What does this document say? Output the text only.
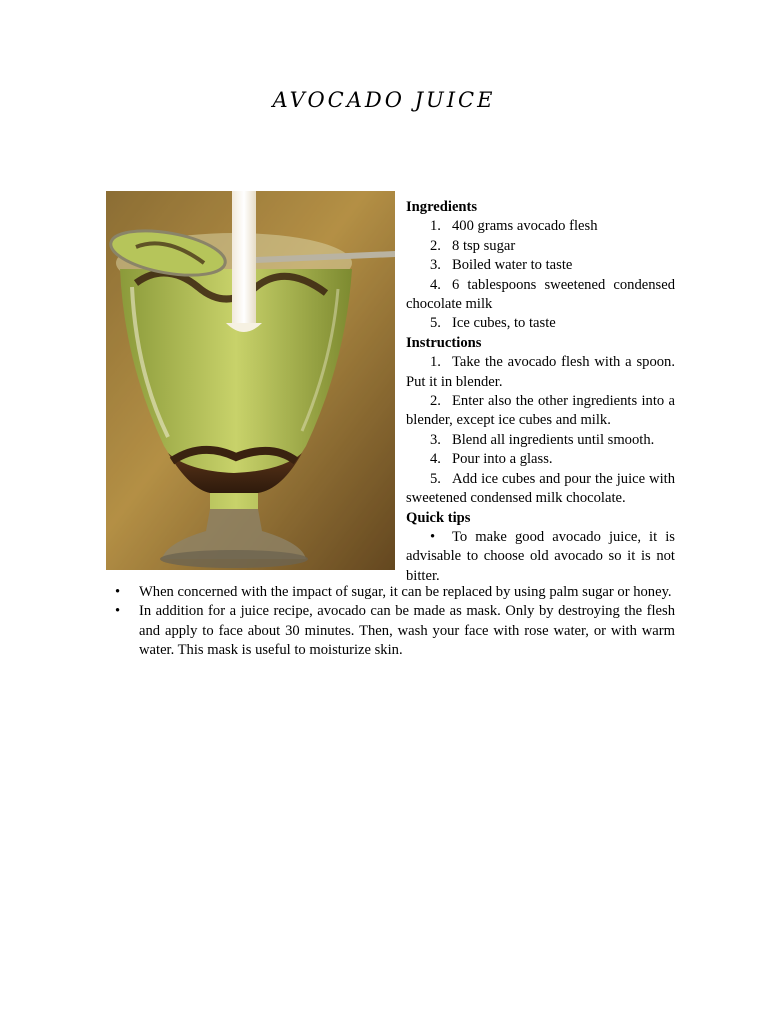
AVOCADO JUICE

Ingredients

1. 400 grams avocado flesh

2. 8 tsp sugar

3. Boiled water to taste

4. 6 tablespoons sweetened condensed chocolate milk

5. Ice cubes, to taste

Instructions

1. Take the avocado flesh with a spoon. Put it in blender.

2. Enter also the other ingredients into a blender, except ice cubes and milk.

3. Blend all ingredients until smooth.

4. Pour into a glass.

5. Add ice cubes and pour the juice with sweetened condensed milk chocolate.

Quick tips

• To make good avocado juice, it is advisable to choose old avocado so it is not bitter.

• When concerned with the impact of sugar, it can be replaced by using palm sugar or honey.
• In addition for a juice recipe, avocado can be made as mask. Only by destroying the flesh and apply to face about 30 minutes. Then, wash your face with rose water, or with warm water. This mask is useful to moisturize skin.
